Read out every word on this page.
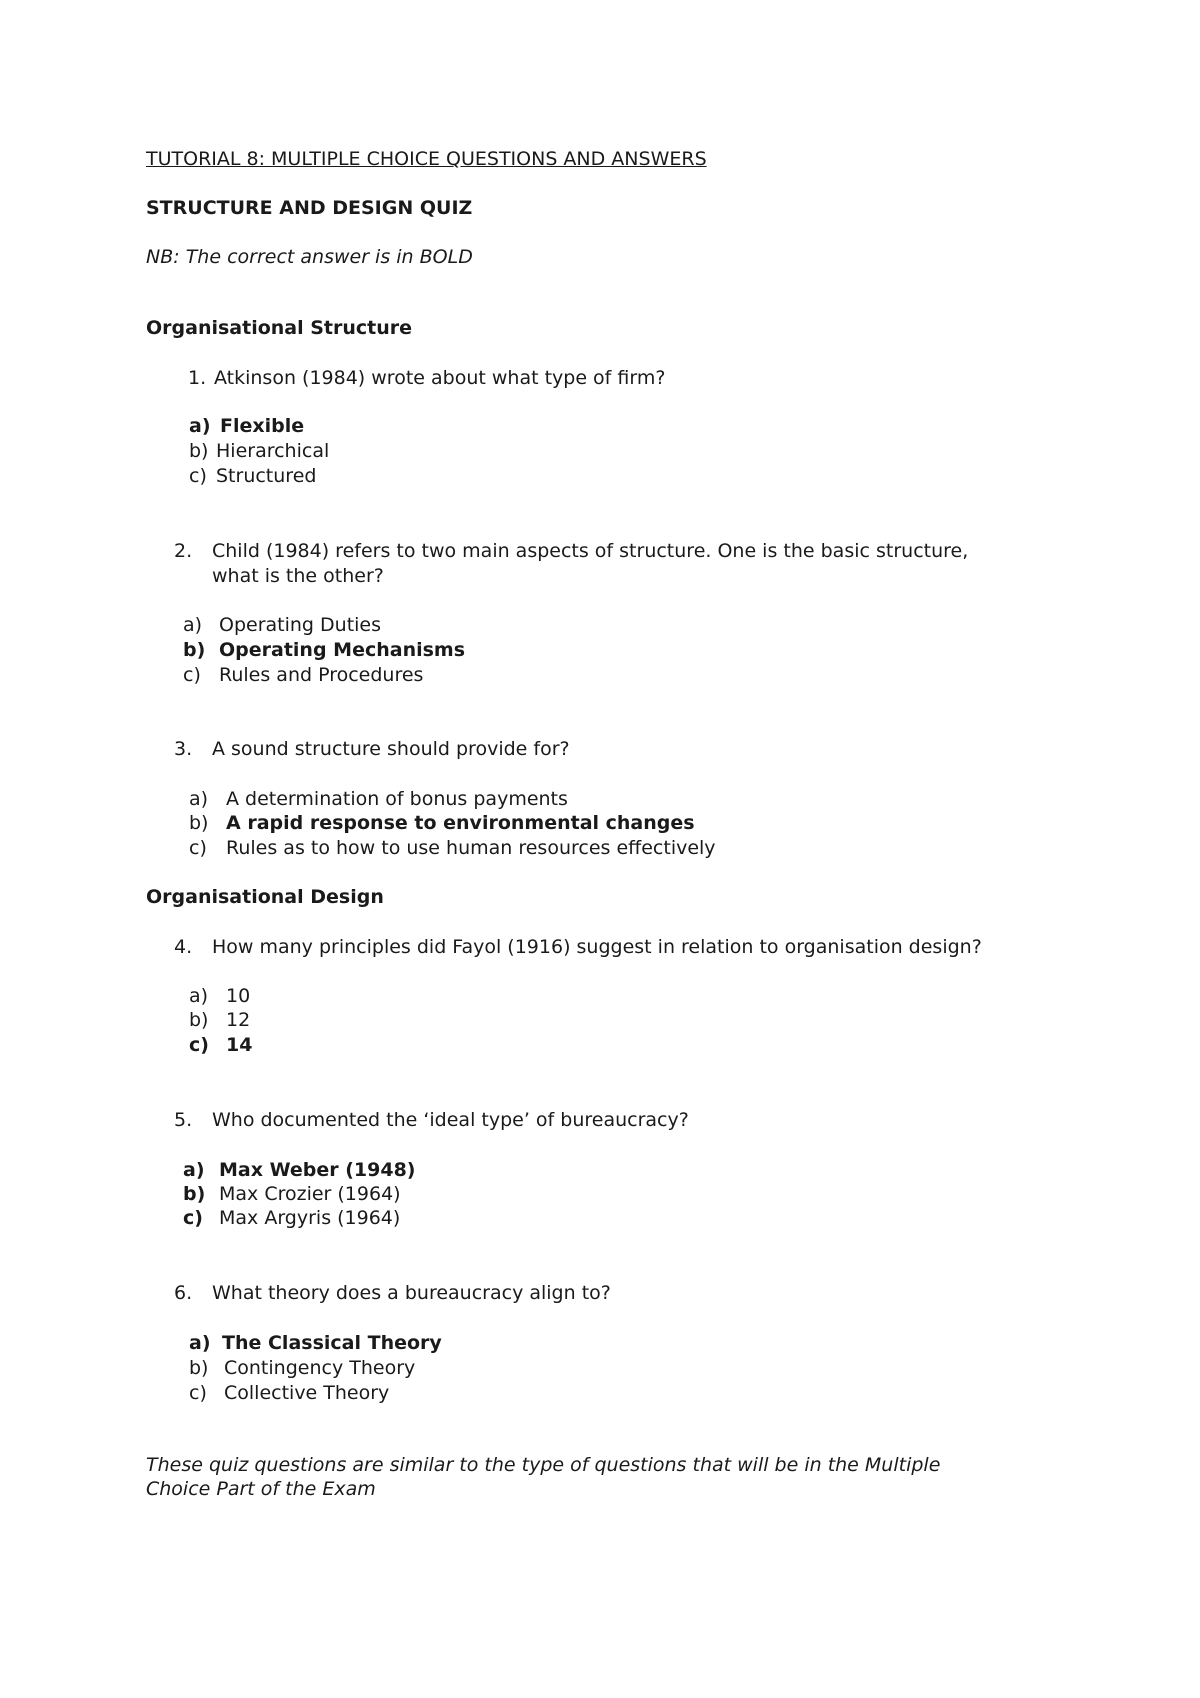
TUTORIAL 8: MULTIPLE CHOICE QUESTIONS AND ANSWERS
STRUCTURE AND DESIGN QUIZ
NB: The correct answer is in BOLD
Organisational Structure
1. Atkinson (1984) wrote about what type of firm?
a) Flexible
b) Hierarchical
c) Structured
2. Child (1984) refers to two main aspects of structure. One is the basic structure,
what is the other?
a) Operating Duties
b) Operating Mechanisms
c) Rules and Procedures
3. A sound structure should provide for?
a) A determination of bonus payments
b) A rapid response to environmental changes
c) Rules as to how to use human resources effectively
Organisational Design
4. How many principles did Fayol (1916) suggest in relation to organisation design?
a) 10
b) 12
c) 14
5. Who documented the ‘ideal type’ of bureaucracy?
a) Max Weber (1948)
b) Max Crozier (1964)
c) Max Argyris (1964)
6. What theory does a bureaucracy align to?
a) The Classical Theory
b) Contingency Theory
c) Collective Theory
These quiz questions are similar to the type of questions that will be in the Multiple
Choice Part of the Exam
